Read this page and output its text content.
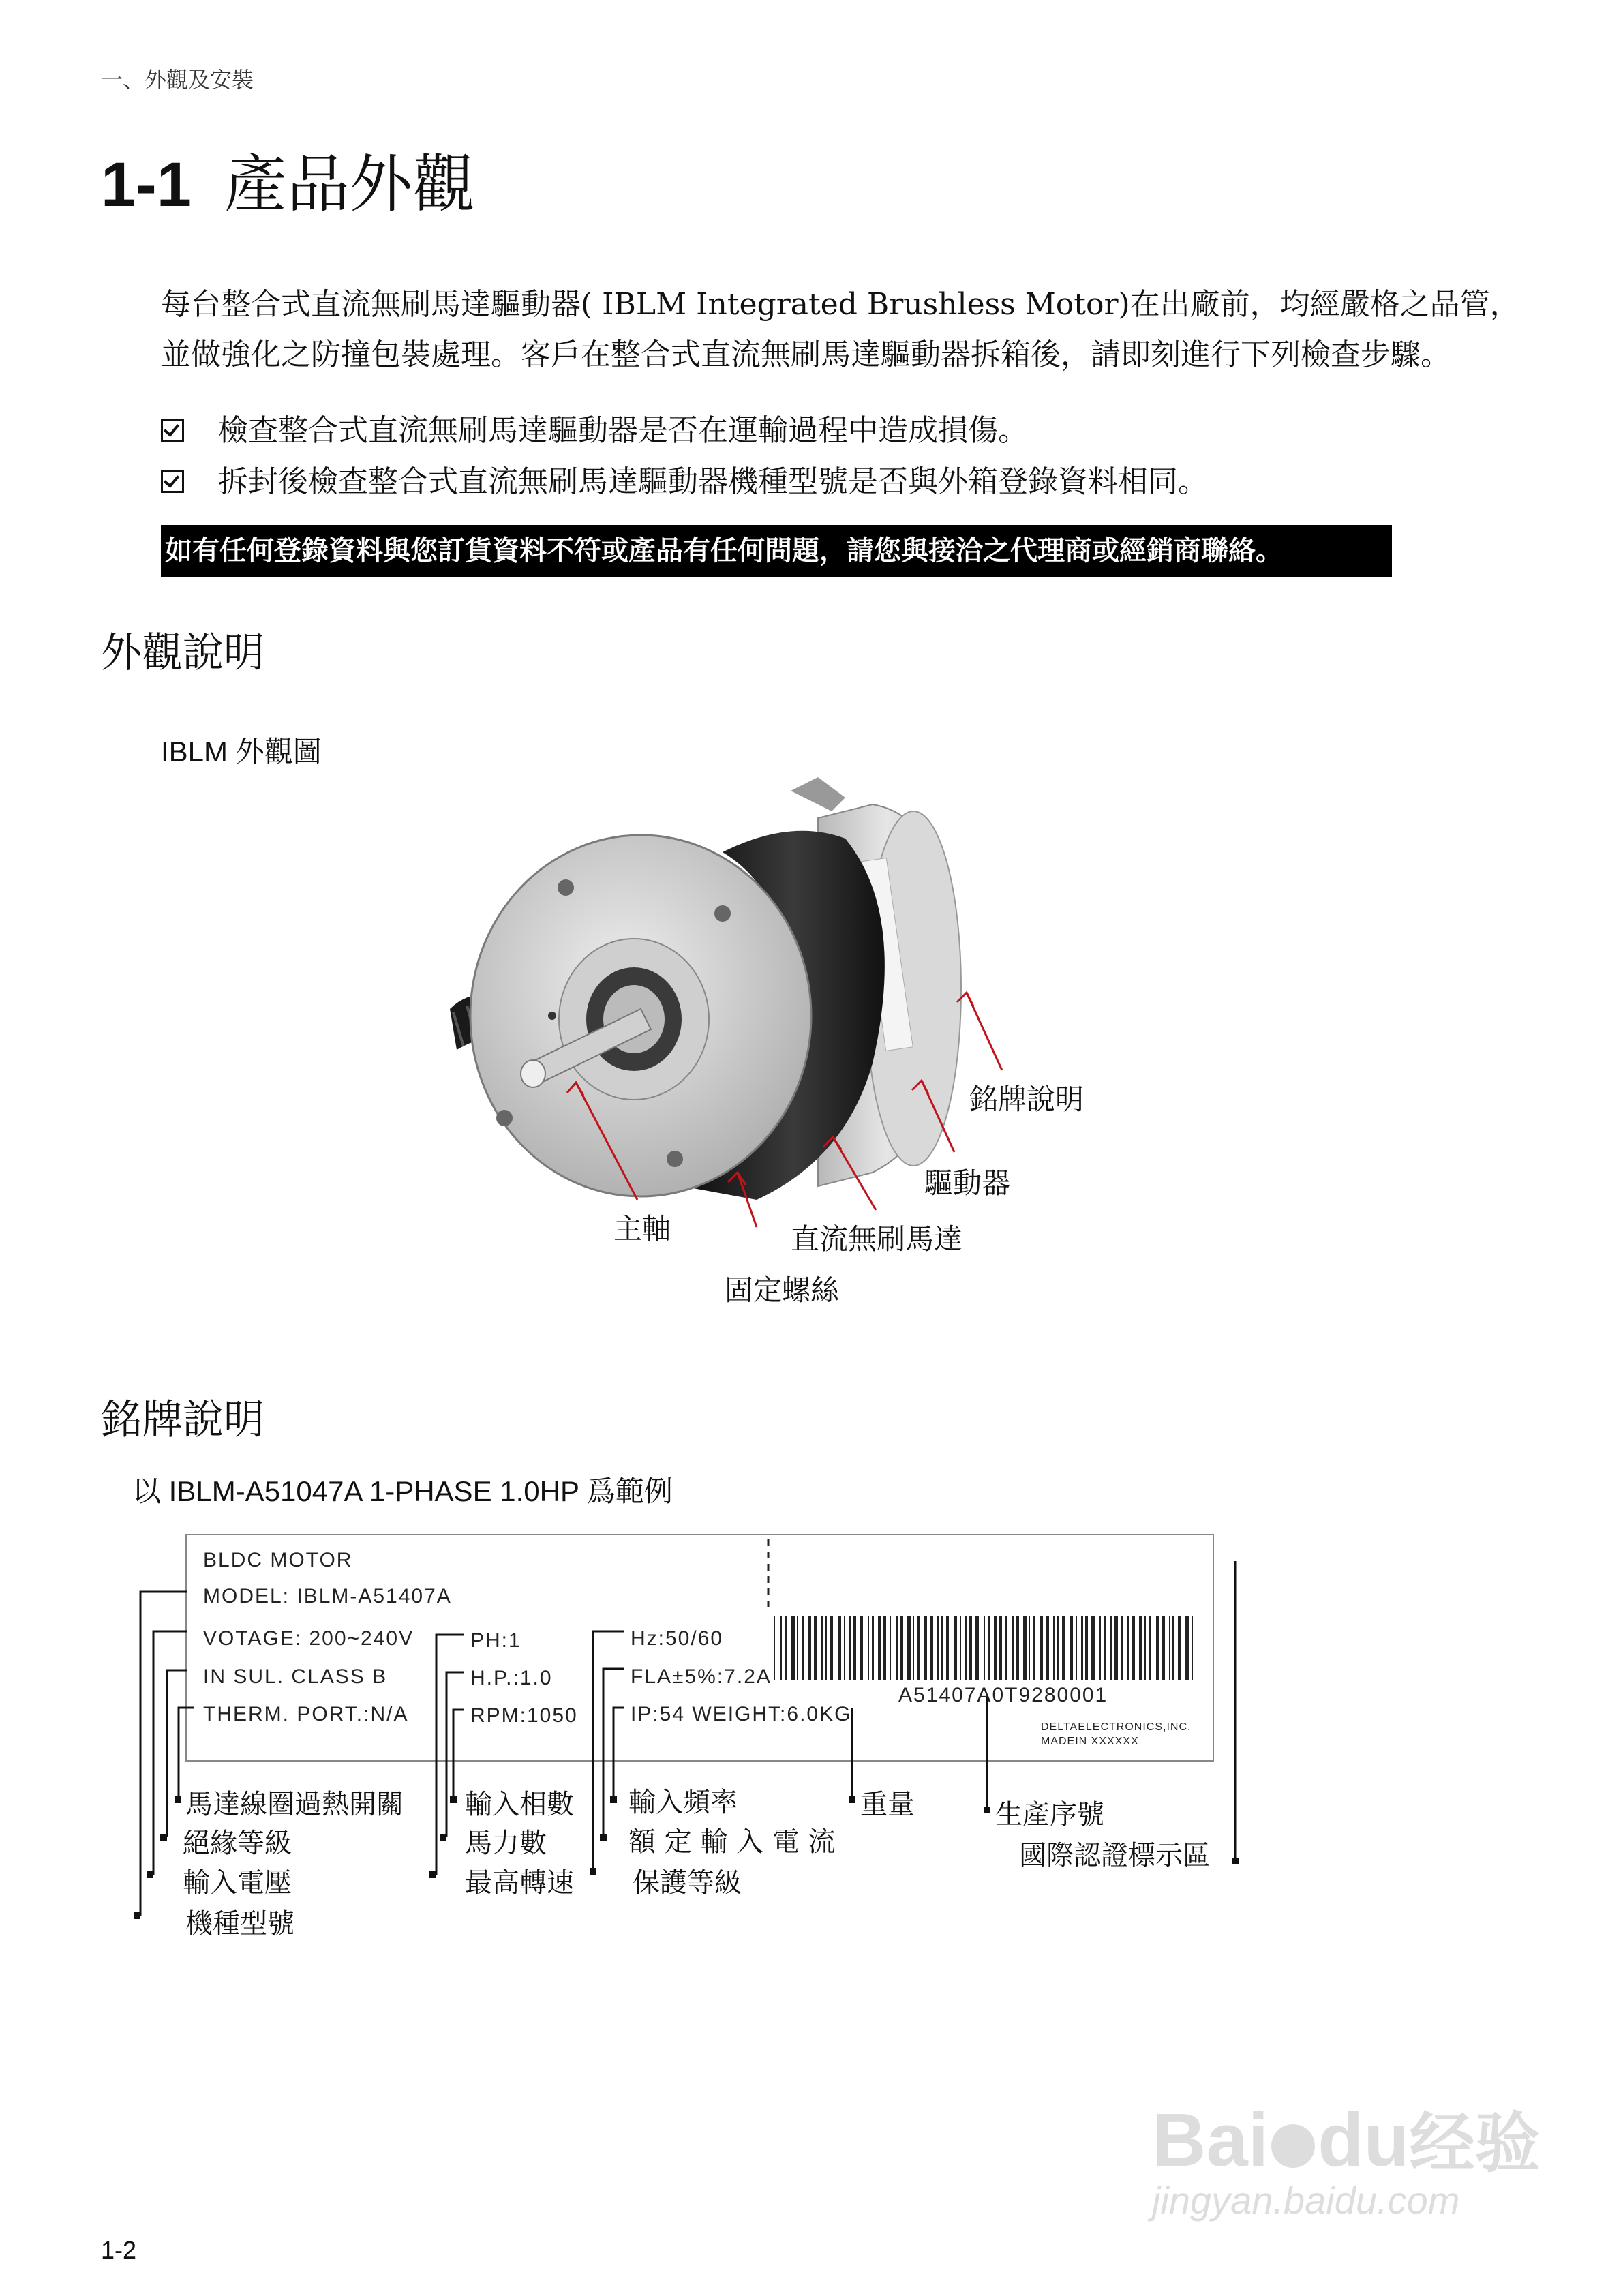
一、外觀及安裝
1-1 產品外觀
每台整合式直流無刷馬達驅動器( IBLM Integrated Brushless Motor)在出廠前，均經嚴格之品管，並做強化之防撞包裝處理。客戶在整合式直流無刷馬達驅動器拆箱後，請即刻進行下列檢查步驟。
檢查整合式直流無刷馬達驅動器是否在運輸過程中造成損傷。
拆封後檢查整合式直流無刷馬達驅動器機種型號是否與外箱登錄資料相同。
如有任何登錄資料與您訂貨資料不符或產品有任何問題，請您與接洽之代理商或經銷商聯絡。
外觀說明
IBLM 外觀圖
銘牌說明
驅動器
主軸	直流無刷馬達
固定螺絲
銘牌說明
以 IBLM-A51047A 1-PHASE 1.0HP 爲範例
BLDC MOTOR
MODEL: IBLM-A51407A
VOTAGE: 200~240V
IN SUL. CLASS B
THERM. PORT.:N/A
PH:1
H.P.:1.0
RPM:1050
Hz:50/60
FLA±5%:7.2A
IP:54 WEIGHT:6.0KG
A51407A0T9280001
DELTAELECTRONICS,INC.
MADEIN XXXXXX
馬達線圈過熱開關
絕緣等級
輸入電壓
機種型號
輸入相數
馬力數
最高轉速
輸入頻率
額 定 輸 入 電 流
保護等級
重量	生產序號
國際認證標示區
1-2
Bai du经验
jingyan.baidu.com
